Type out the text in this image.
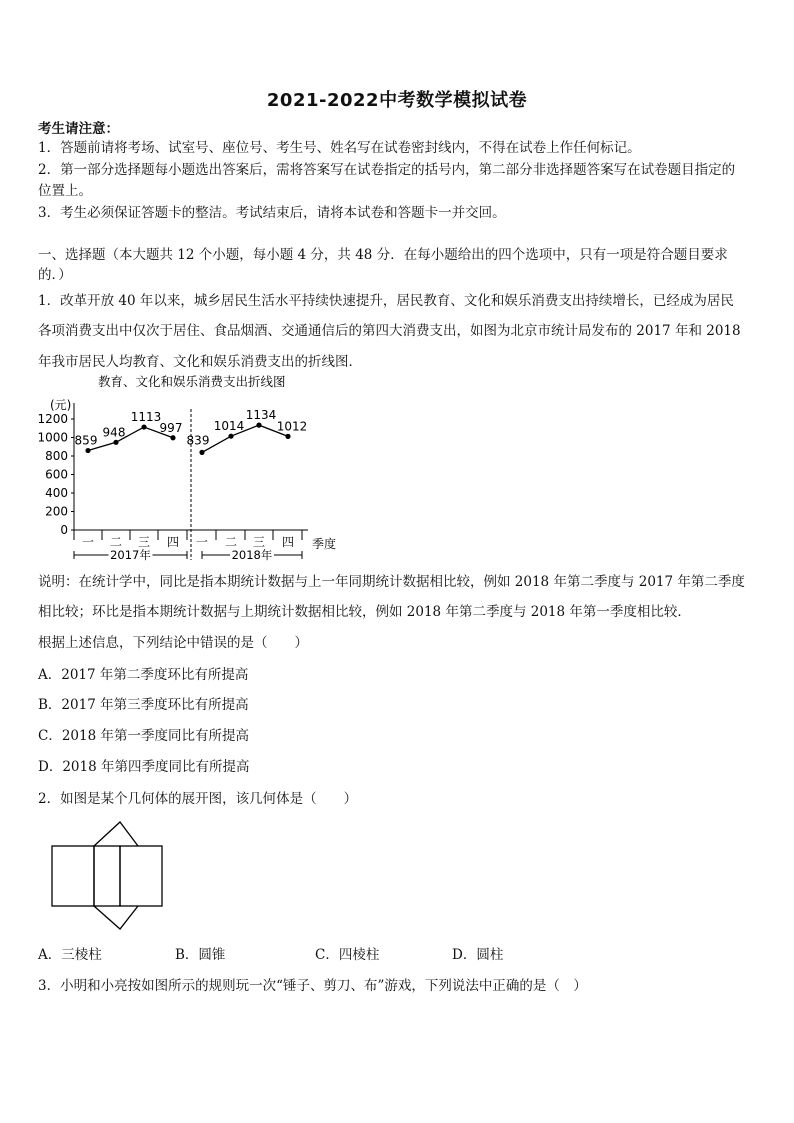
2021-2022中考数学模拟试卷
考生请注意：
1．答题前请将考场、试室号、座位号、考生号、姓名写在试卷密封线内，不得在试卷上作任何标记。
2．第一部分选择题每小题选出答案后，需将答案写在试卷指定的括号内，第二部分非选择题答案写在试卷题目指定的
位置上。
3．考生必须保证答题卡的整洁。考试结束后，请将本试卷和答题卡一并交回。
一、选择题（本大题共 12 个小题，每小题 4 分，共 48 分．在每小题给出的四个选项中，只有一项是符合题目要求
的．）
1．改革开放 40 年以来，城乡居民生活水平持续快速提升，居民教育、文化和娱乐消费支出持续增长，已经成为居民
各项消费支出中仅次于居住、食品烟酒、交通通信后的第四大消费支出，如图为北京市统计局发布的 2017 年和 2018
年我市居民人均教育、文化和娱乐消费支出的折线图．
教育、文化和娱乐消费支出折线图
(元)
季度
0
200
400
600
800
1000
1200
一 二 三 四 一 二 三 四
2017年	2018年
859
948
1113
997
839
1014
1134
1012
说明：在统计学中，同比是指本期统计数据与上一年同期统计数据相比较，例如 2018 年第二季度与 2017 年第二季度
相比较；环比是指本期统计数据与上期统计数据相比较，例如 2018 年第二季度与 2018 年第一季度相比较．
根据上述信息，下列结论中错误的是（　　）
A．2017 年第二季度环比有所提高
B．2017 年第三季度环比有所提高
C．2018 年第一季度同比有所提高
D．2018 年第四季度同比有所提高
2．如图是某个几何体的展开图，该几何体是（　　）
A．三棱柱	B．圆锥	C．四棱柱	D．圆柱
3．小明和小亮按如图所示的规则玩一次“锤子、剪刀、布”游戏，下列说法中正确的是（　）
